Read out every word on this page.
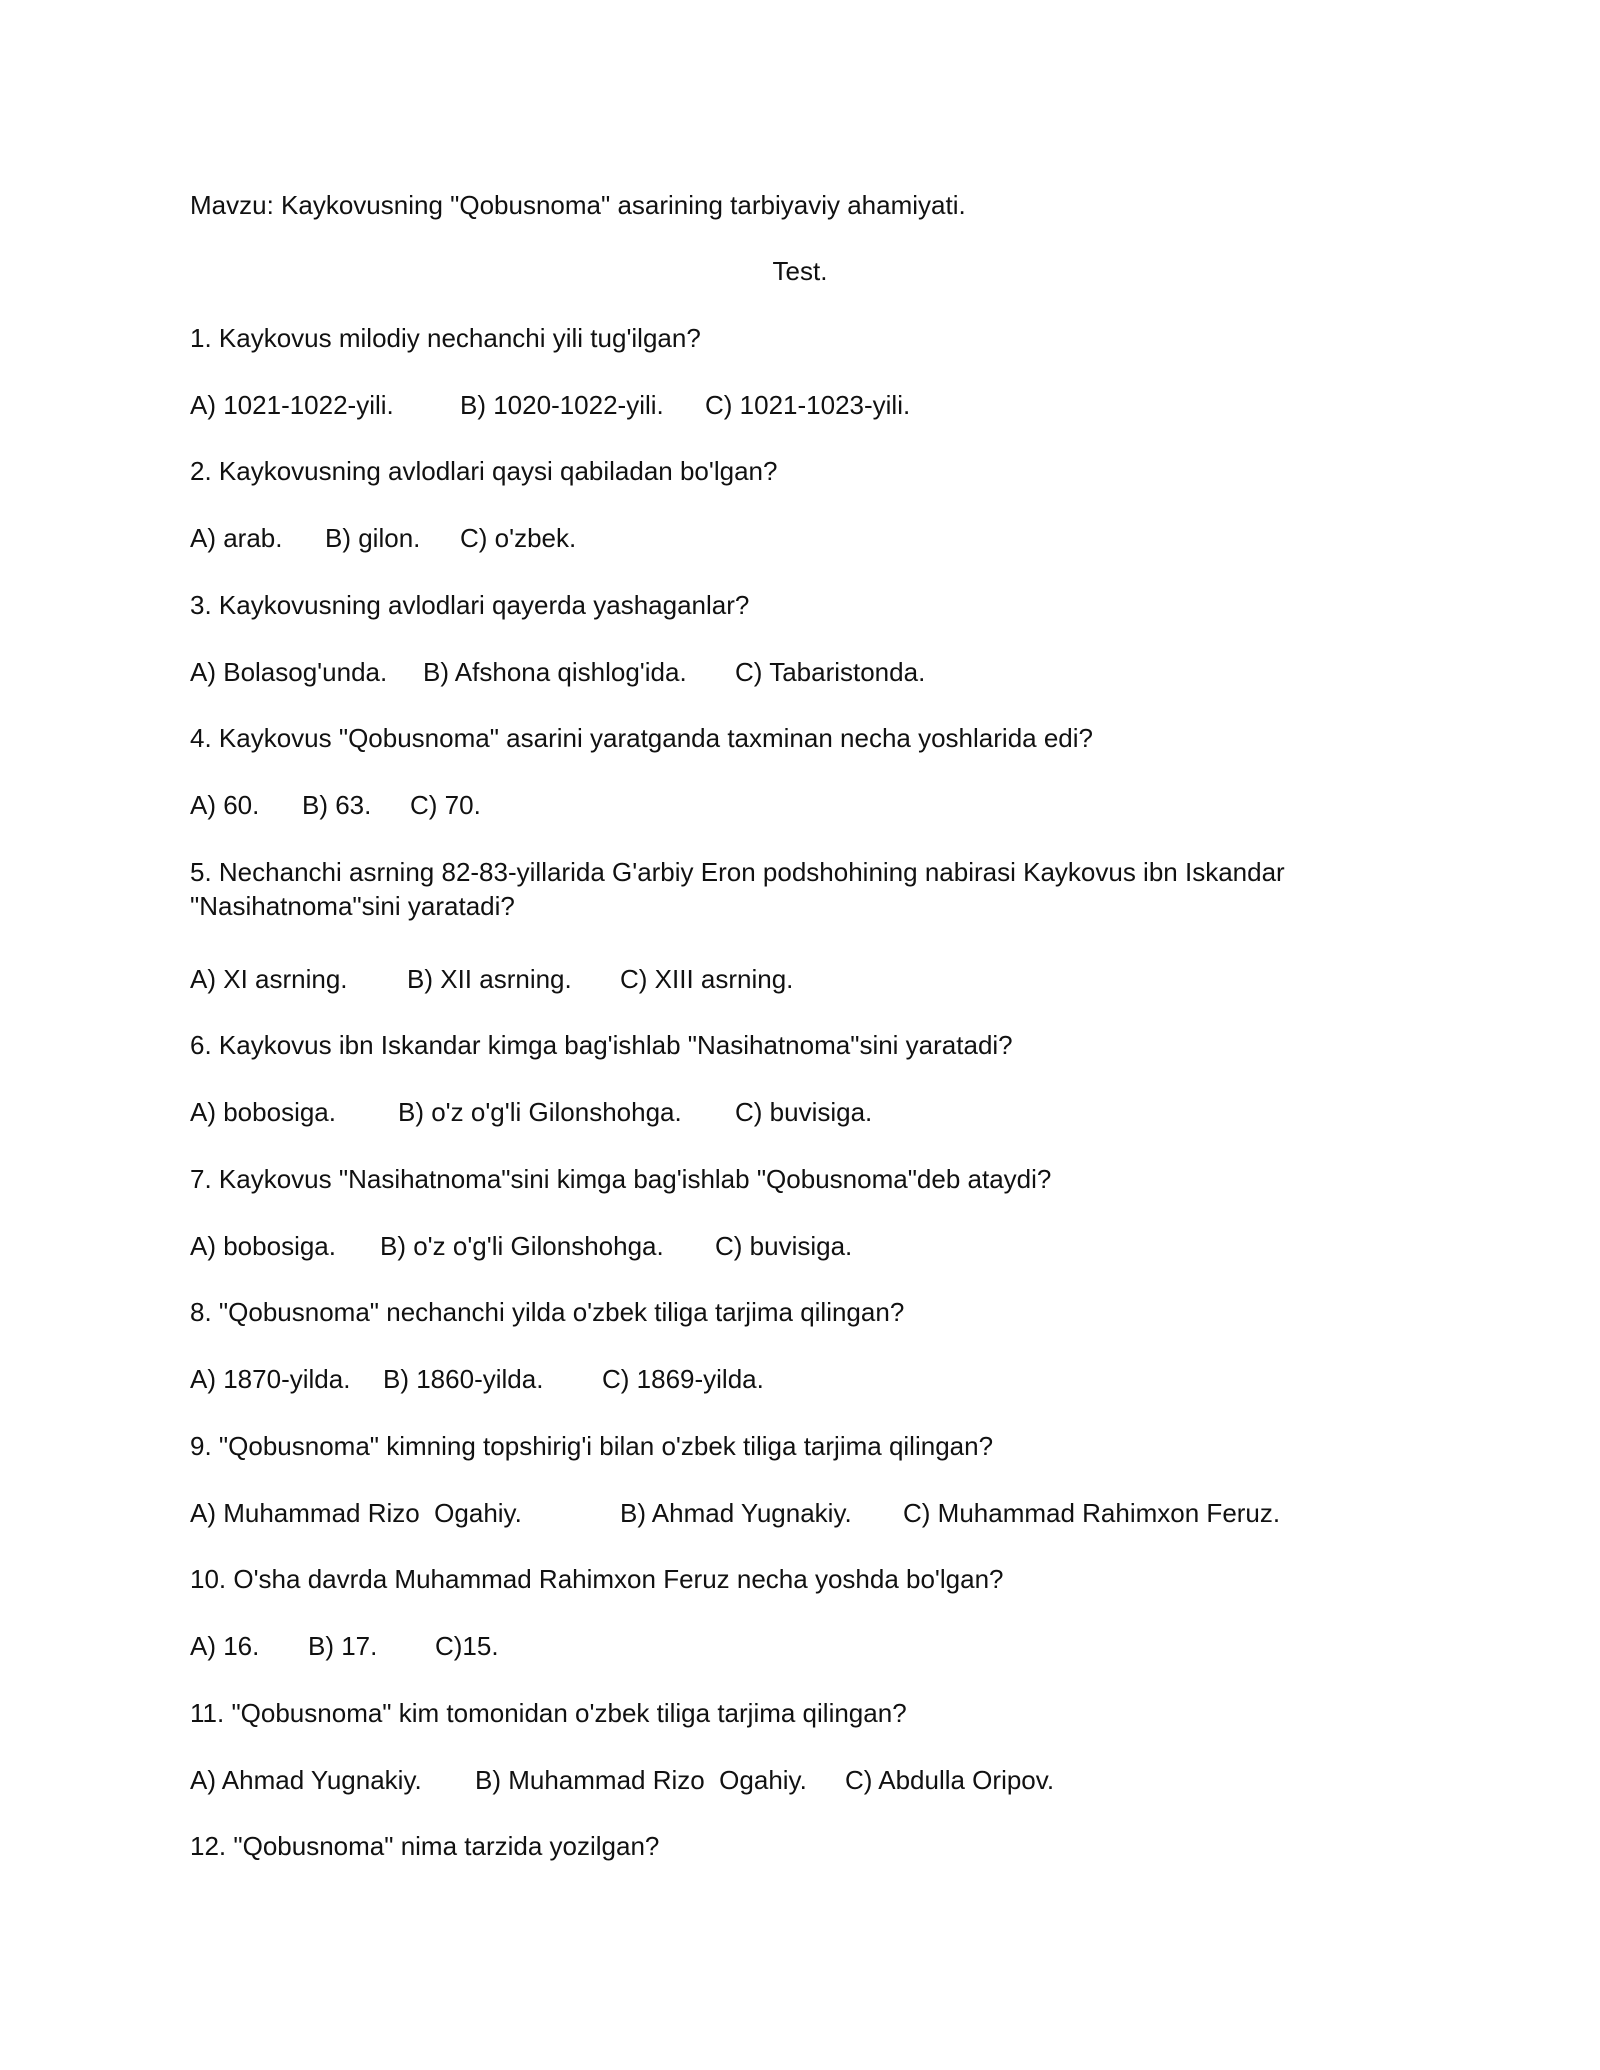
Mavzu: Kaykovusning "Qobusnoma" asarining tarbiyaviy ahamiyati.
Test.
1. Kaykovus milodiy nechanchi yili tug'ilgan?
A) 1021-1022-yili.	B) 1020-1022-yili. C) 1021-1023-yili.
2. Kaykovusning avlodlari qaysi qabiladan bo'lgan?
A) arab. B) gilon. C) o'zbek.
3. Kaykovusning avlodlari qayerda yashaganlar?
A) Bolasog'unda. B) Afshona qishlog'ida. C) Tabaristonda.
4. Kaykovus "Qobusnoma" asarini yaratganda taxminan necha yoshlarida edi?
A) 60. B) 63. C) 70.
5. Nechanchi asrning 82-83-yillarida G'arbiy Eron podshohining nabirasi Kaykovus ibn Iskandar "Nasihatnoma"sini yaratadi?
A) XI asrning. B) XII asrning. C) XIII asrning.
6. Kaykovus ibn Iskandar kimga bag'ishlab "Nasihatnoma"sini yaratadi?
A) bobosiga. B) o'z o'g'li Gilonshohga. C) buvisiga.
7. Kaykovus "Nasihatnoma"sini kimga bag'ishlab "Qobusnoma"deb ataydi?
A) bobosiga. B) o'z o'g'li Gilonshohga. C) buvisiga.
8. "Qobusnoma" nechanchi yilda o'zbek tiliga tarjima qilingan?
A) 1870-yilda. B) 1860-yilda. C) 1869-yilda.
9. "Qobusnoma" kimning topshirig'i bilan o'zbek tiliga tarjima qilingan?
A) Muhammad Rizo  Ogahiy.	B) Ahmad Yugnakiy. C) Muhammad Rahimxon Feruz.
10. O'sha davrda Muhammad Rahimxon Feruz necha yoshda bo'lgan?
A) 16. B) 17. C)15.
11. "Qobusnoma" kim tomonidan o'zbek tiliga tarjima qilingan?
A) Ahmad Yugnakiy. B) Muhammad Rizo  Ogahiy. C) Abdulla Oripov.
12. "Qobusnoma" nima tarzida yozilgan?
